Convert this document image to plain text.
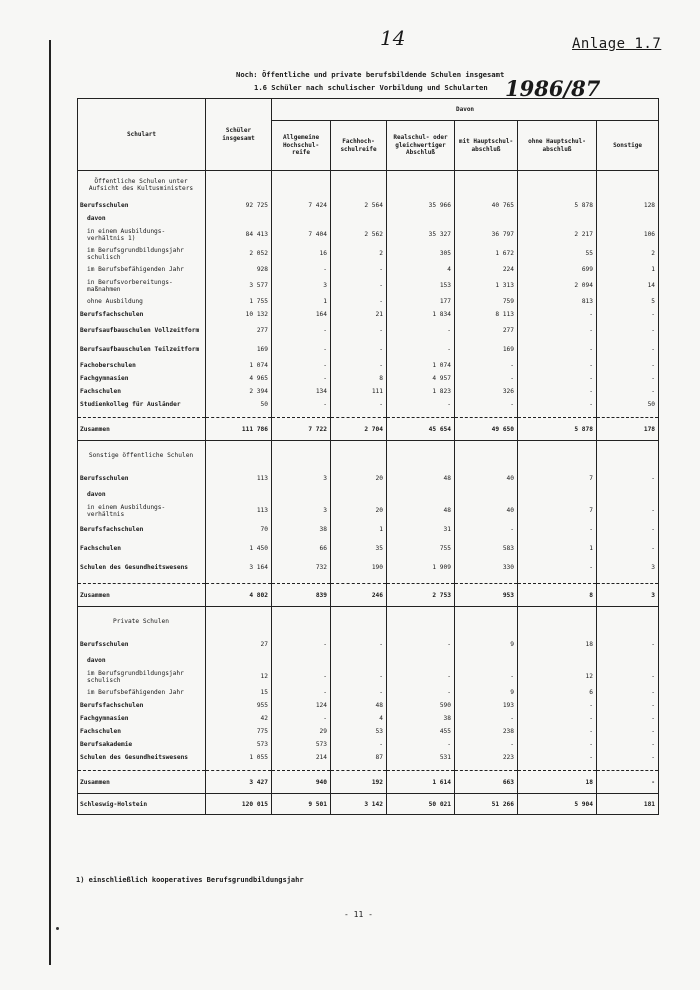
14	Anlage 1.7
Noch: Öffentliche und private berufsbildende Schulen insgesamt
1.6 Schüler nach schulischer Vorbildung und Schularten 1986/87
Schulart	Schüler insgesamt	Davon					
		Allgemeine Hochschul-reife	Fachhoch-schulreife	Realschul- oder gleichwertiger Abschluß	mit Hauptschul-abschluß	ohne Hauptschul-abschluß	Sonstige
Öffentliche Schulen unter Aufsicht des Kultusministers							
Berufsschulen	92 725	7 424	2 564	35 966	40 765	5 878	128
davon							
in einem Ausbildungs-verhältnis 1)	84 413	7 404	2 562	35 327	36 797	2 217	106
im Berufsgrundbildungsjahr schulisch	2 052	16	2	305	1 672	55	2
im Berufsbefähigenden Jahr	928	-	-	4	224	699	1
in Berufsvorbereitungs-maßnahmen	3 577	3	-	153	1 313	2 094	14
ohne Ausbildung	1 755	1	-	177	759	813	5
Berufsfachschulen	10 132	164	21	1 834	8 113	-	-
Berufsaufbauschulen Vollzeitform	277	-	-	-	277	-	-
Berufsaufbauschulen Teilzeitform	169	-	-	-	169	-	-
Fachoberschulen	1 074	-	-	1 074	-	-	-
Fachgymnasien	4 965	-	8	4 957	-	-	-
Fachschulen	2 394	134	111	1 823	326	-	-
Studienkolleg für Ausländer	50	-	-	-	-	-	50

Zusammen	111 786	7 722	2 704	45 654	49 650	5 878	178
Sonstige öffentliche Schulen							
Berufsschulen	113	3	20	48	40	7	-
davon							
in einem Ausbildungs-verhältnis	113	3	20	48	40	7	-
Berufsfachschulen	70	38	1	31	-	-	-
Fachschulen	1 450	66	35	755	583	1	-
Schulen des Gesundheitswesens	3 164	732	190	1 909	330	-	3

Zusammen	4 802	839	246	2 753	953	8	3
Private Schulen							
Berufsschulen	27	-	-	-	9	18	-
davon							
im Berufsgrundbildungsjahr schulisch	12	-	-	-	-	12	-
im Berufsbefähigenden Jahr	15	-	-	-	9	6	-
Berufsfachschulen	955	124	48	590	193	-	-
Fachgymnasien	42	-	4	38	-	-	-
Fachschulen	775	29	53	455	238	-	-
Berufsakademie	573	573	-	-	-	-	-
Schulen des Gesundheitswesens	1 055	214	87	531	223	-	-

Zusammen	3 427	940	192	1 614	663	18	-
Schleswig-Holstein	120 015	9 501	3 142	50 021	51 266	5 904	181
1) einschließlich kooperatives Berufsgrundbildungsjahr
- 11 -
